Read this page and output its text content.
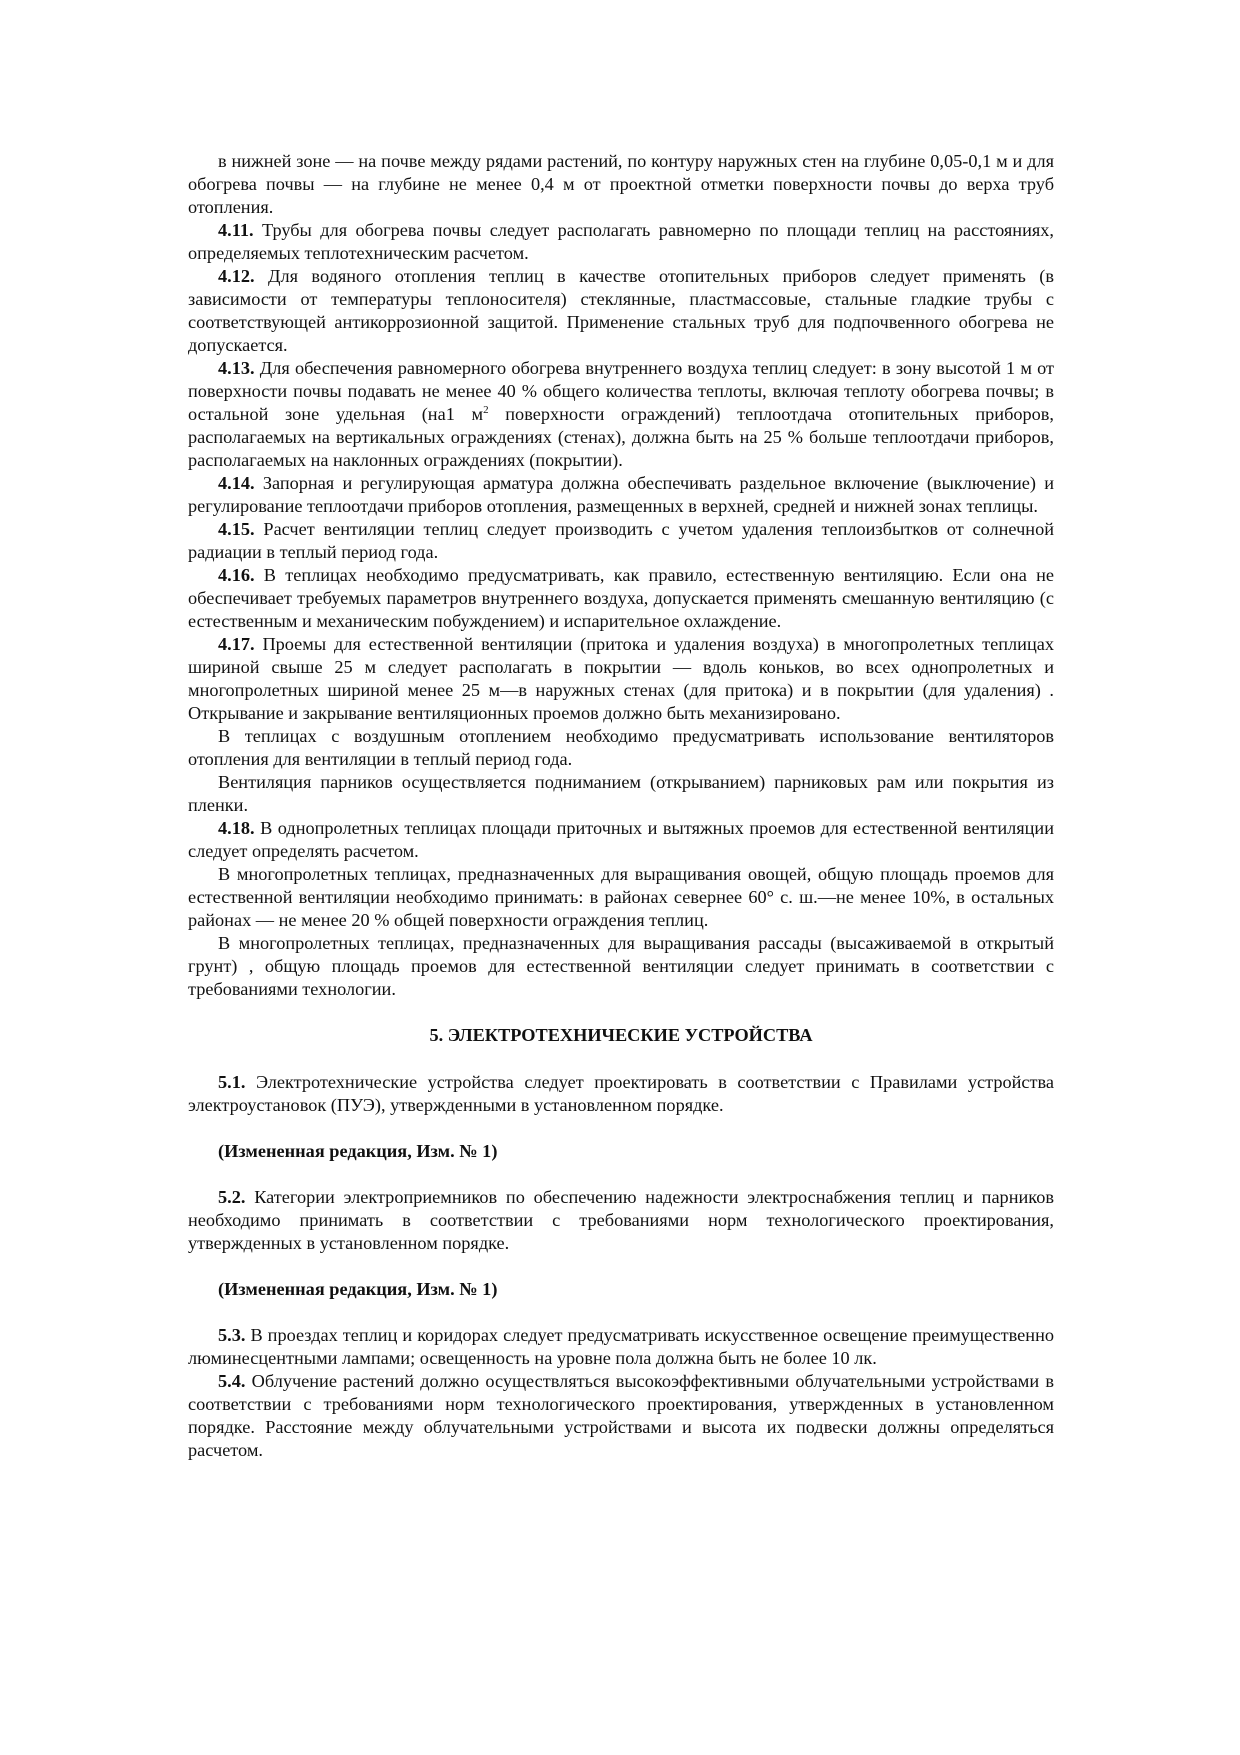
в нижней зоне — на почве между рядами растений, по контуру наружных стен на глубине 0,05-0,1 м и для обогрева почвы — на глубине не менее 0,4 м от проектной отметки поверхности почвы до верха труб отопления.

4.11. Трубы для обогрева почвы следует располагать равномерно по площади теплиц на расстояниях, определяемых теплотехническим расчетом.

4.12. Для водяного отопления теплиц в качестве отопительных приборов следует применять (в зависимости от температуры теплоносителя) стеклянные, пластмассовые, стальные гладкие трубы с соответствующей антикоррозионной защитой. Применение стальных труб для подпочвенного обогрева не допускается.

4.13. Для обеспечения равномерного обогрева внутреннего воздуха теплиц следует: в зону высотой 1 м от поверхности почвы подавать не менее 40 % общего количества теплоты, включая теплоту обогрева почвы; в остальной зоне удельная (на1 $м^2$ поверхности ограждений) теплоотдача отопительных приборов, располагаемых на вертикальных ограждениях (стенах), должна быть на 25 % больше теплоотдачи приборов, располагаемых на наклонных ограждениях (покрытии).

4.14. Запорная и регулирующая арматура должна обеспечивать раздельное включение (выключение) и регулирование теплоотдачи приборов отопления, размещенных в верхней, средней и нижней зонах теплицы.

4.15. Расчет вентиляции теплиц следует производить с учетом удаления теплоизбытков от солнечной радиации в теплый период года.

4.16. В теплицах необходимо предусматривать, как правило, естественную вентиляцию. Если она не обеспечивает требуемых параметров внутреннего воздуха, допускается применять смешанную вентиляцию (с естественным и механическим побуждением) и испарительное охлаждение.

4.17. Проемы для естественной вентиляции (притока и удаления воздуха) в многопролетных теплицах шириной свыше 25 м следует располагать в покрытии — вдоль коньков, во всех однопролетных и многопролетных шириной менее 25 м—в наружных стенах (для притока) и в покрытии (для удаления) . Открывание и закрывание вентиляционных проемов должно быть механизировано.

В теплицах с воздушным отоплением необходимо предусматривать использование вентиляторов отопления для вентиляции в теплый период года.

Вентиляция парников осуществляется подниманием (открыванием) парниковых рам или покрытия из пленки.

4.18. В однопролетных теплицах площади приточных и вытяжных проемов для естественной вентиляции следует определять расчетом.

В многопролетных теплицах, предназначенных для выращивания овощей, общую площадь проемов для естественной вентиляции необходимо принимать: в районах севернее 60° с. ш.—не менее 10%, в остальных районах — не менее 20 % общей поверхности ограждения теплиц.

В многопролетных теплицах, предназначенных для выращивания рассады (высаживаемой в открытый грунт) , общую площадь проемов для естественной вентиляции следует принимать в соответствии с требованиями технологии.

5. ЭЛЕКТРОТЕХНИЧЕСКИЕ УСТРОЙСТВА

5.1. Электротехнические устройства следует проектировать в соответствии с Правилами устройства электроустановок (ПУЭ), утвержденными в установленном порядке.

(Измененная редакция, Изм. № 1)

5.2. Категории электроприемников по обеспечению надежности электроснабжения теплиц и парников необходимо принимать в соответствии с требованиями норм технологического проектирования, утвержденных в установленном порядке.

(Измененная редакция, Изм. № 1)

5.3. В проездах теплиц и коридорах следует предусматривать искусственное освещение преимущественно люминесцентными лампами; освещенность на уровне пола должна быть не более 10 лк.

5.4. Облучение растений должно осуществляться высокоэффективными облучательными устройствами в соответствии с требованиями норм технологического проектирования, утвержденных в установленном порядке. Расстояние между облучательными устройствами и высота их подвески должны определяться расчетом.
